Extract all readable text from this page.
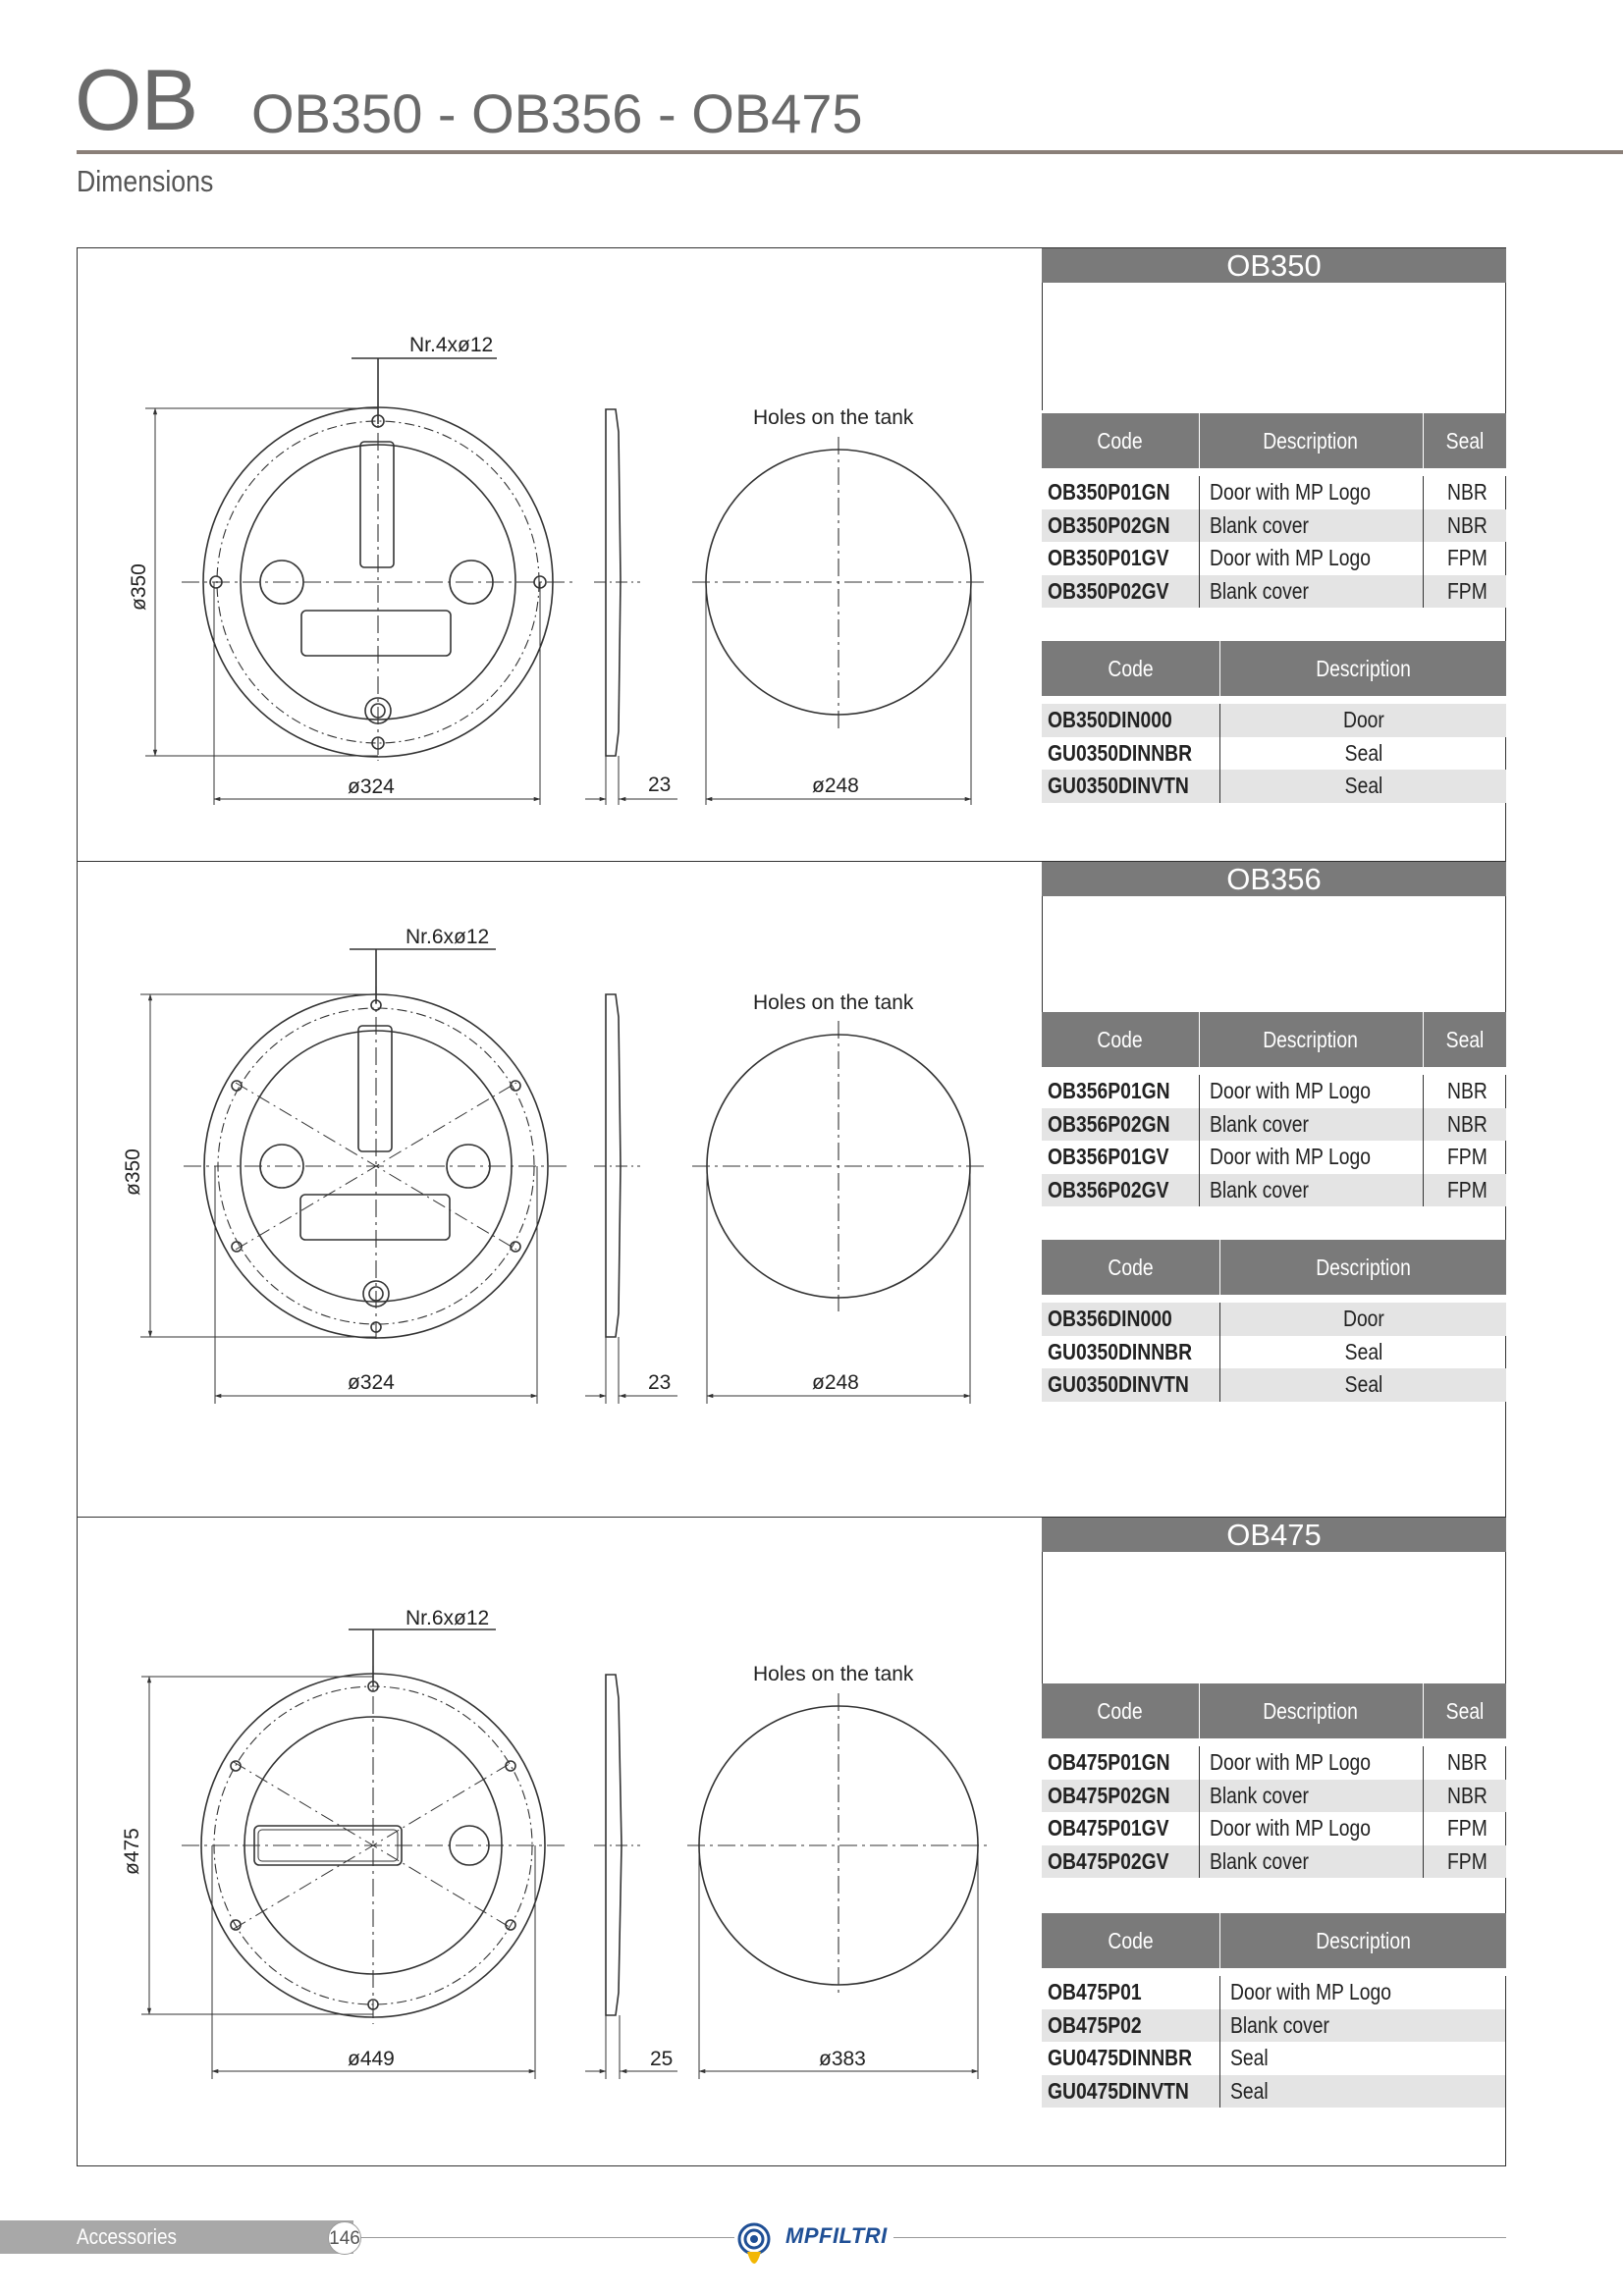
OB OB350 - OB356 - OB475
Dimensions
OB350
OB356
OB475
Code	Description	Seal

OB350P01GN	Door with MP Logo	NBR
OB350P02GN	Blank cover	NBR
OB350P01GV	Door with MP Logo	FPM
OB350P02GV	Blank cover	FPM
Code	Description

OB350DIN000	Door
GU0350DINNBR	Seal
GU0350DINVTN	Seal
Code	Description	Seal

OB356P01GN	Door with MP Logo	NBR
OB356P02GN	Blank cover	NBR
OB356P01GV	Door with MP Logo	FPM
OB356P02GV	Blank cover	FPM
Code	Description

OB356DIN000	Door
GU0350DINNBR	Seal
GU0350DINVTN	Seal
Code	Description	Seal

OB475P01GN	Door with MP Logo	NBR
OB475P02GN	Blank cover	NBR
OB475P01GV	Door with MP Logo	FPM
OB475P02GV	Blank cover	FPM
Code	Description

OB475P01	Door with MP Logo
OB475P02	Blank cover
GU0475DINNBR	Seal
GU0475DINVTN	Seal
Nr.4xø12
Holes on the tank
ø350
ø324	23	ø248
Nr.6xø12
Holes on the tank
ø350
ø324	23	ø248
Nr.6xø12
Holes on the tank
ø475
ø449	25	ø383
Accessories	146	MPFILTRI
